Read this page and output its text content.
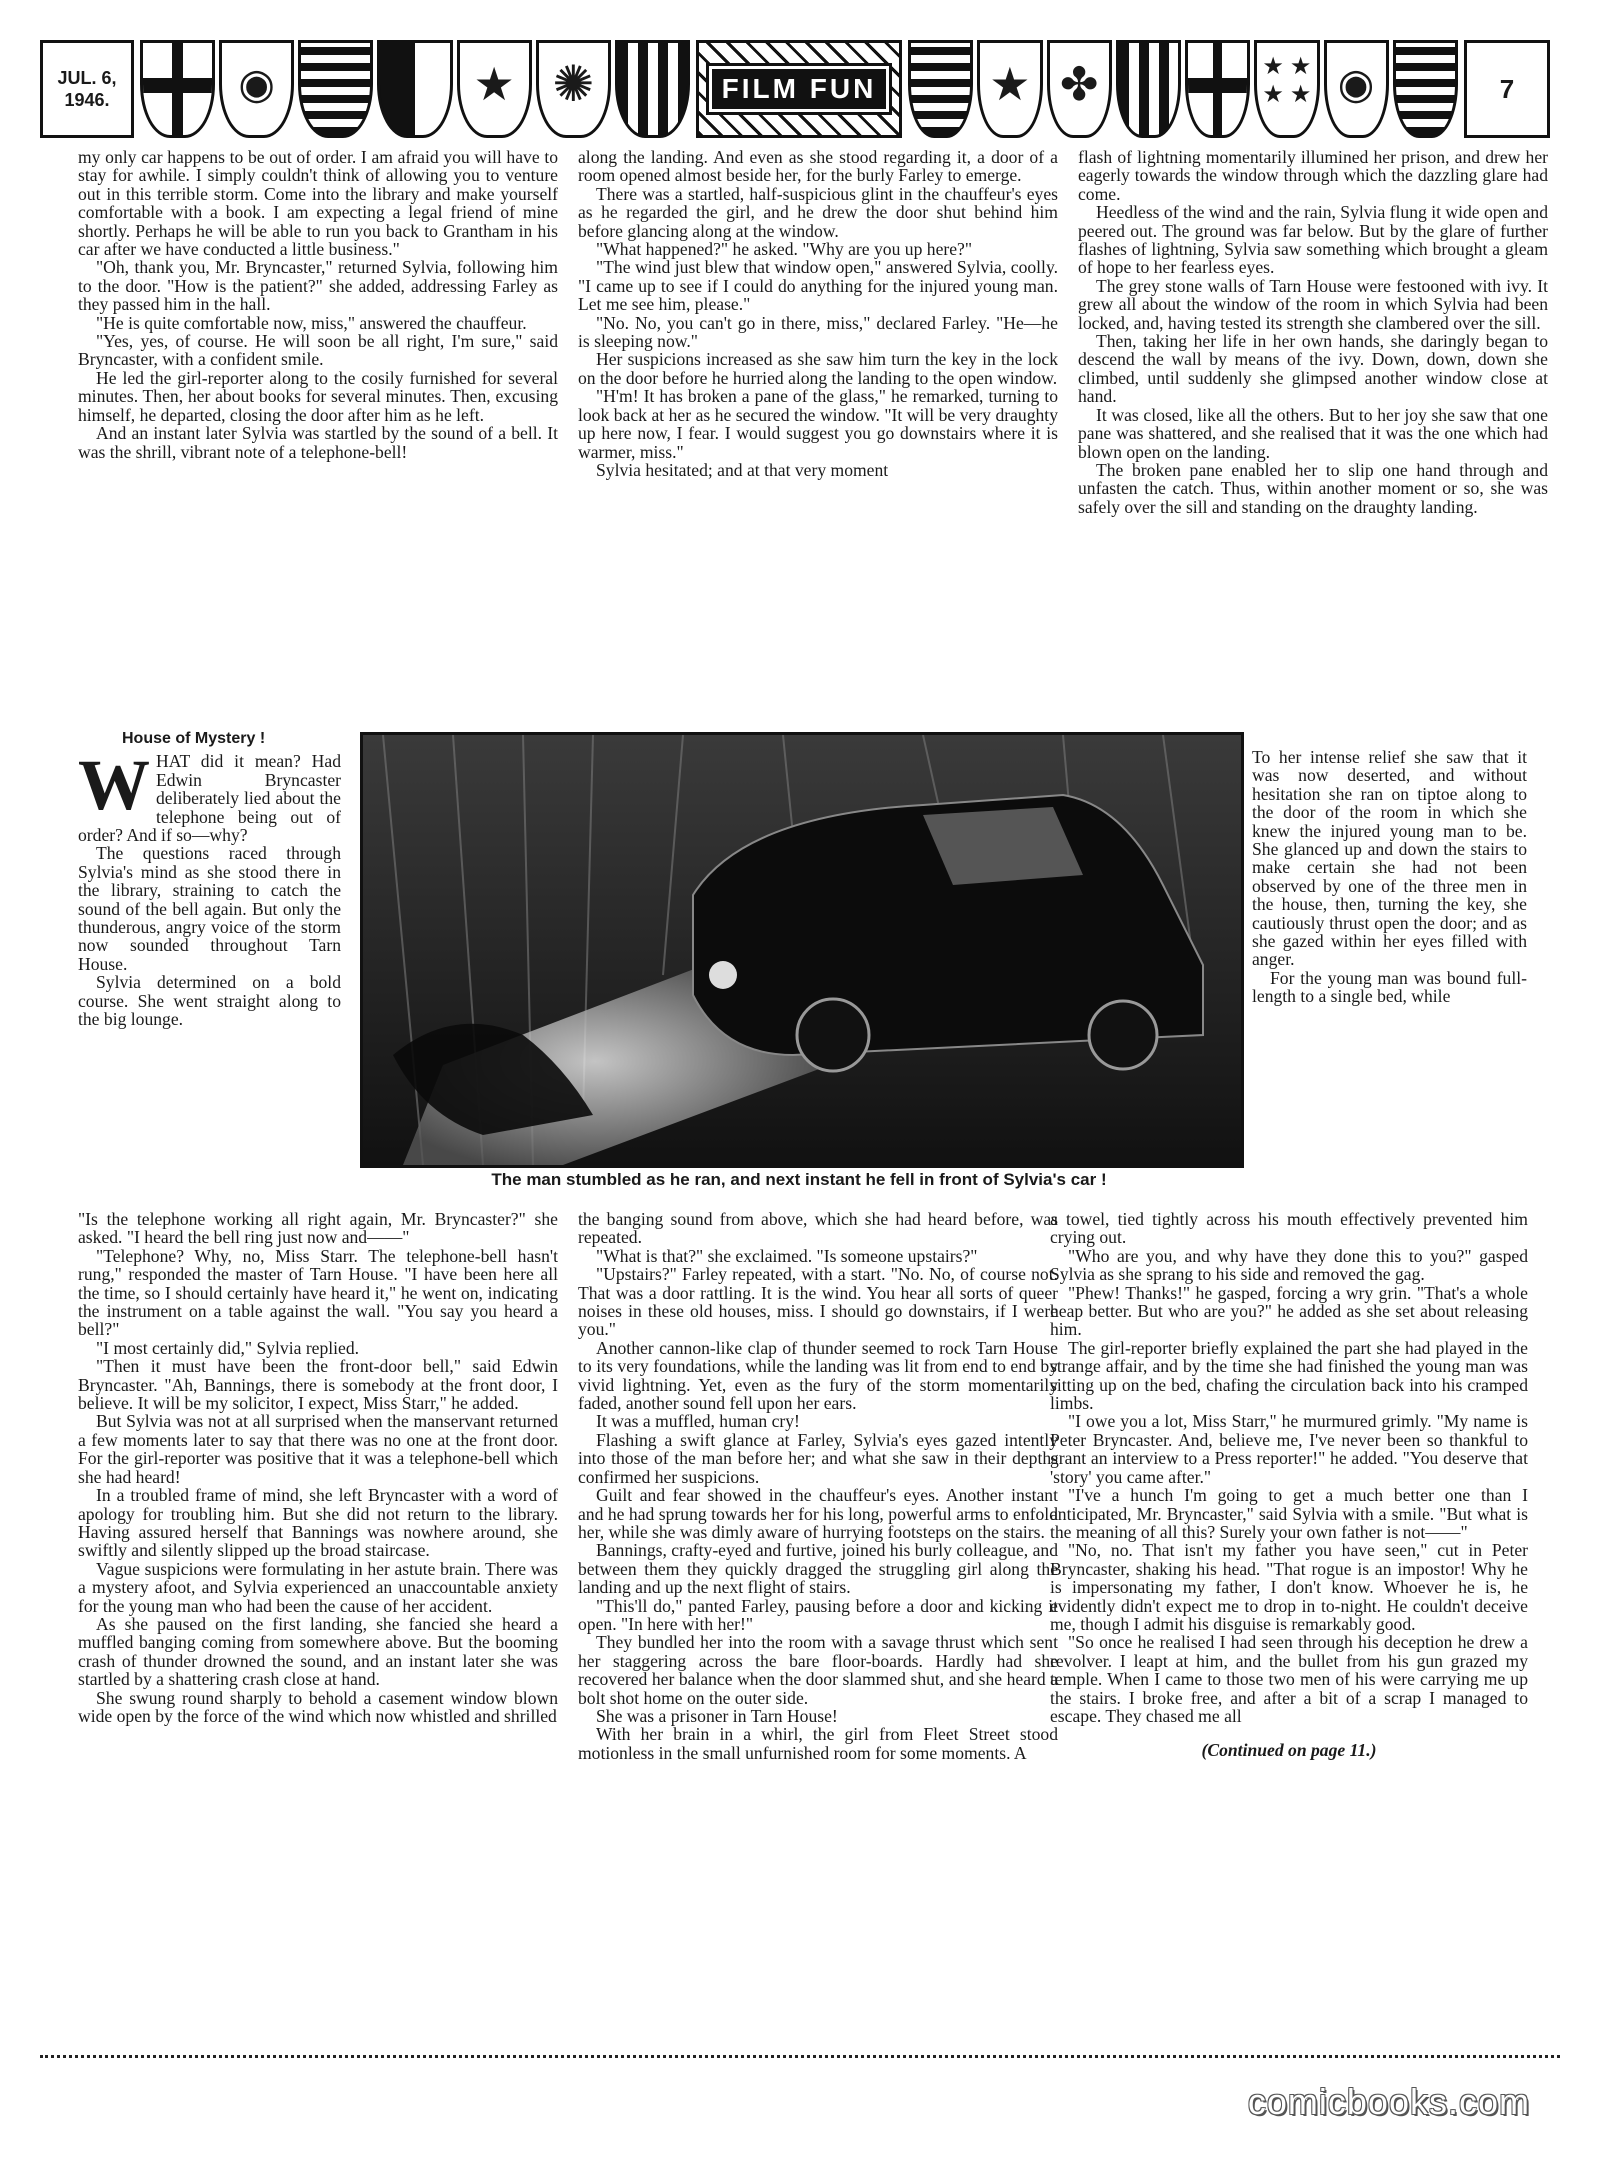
JUL. 6,
1946. ◉ ★ ✺	FILM FUN ★ ✤ ★ ★ ★ ★ ◉	7

my only car happens to be out of order. I am afraid you will have to stay for awhile. I simply couldn't think of allowing you to venture out in this terrible storm. Come into the library and make yourself comfortable with a book. I am expecting a legal friend of mine shortly. Perhaps he will be able to run you back to Grantham in his car after we have conducted a little business."

"Oh, thank you, Mr. Bryncaster," returned Sylvia, following him to the door. "How is the patient?" she added, addressing Farley as they passed him in the hall.

"He is quite comfortable now, miss," answered the chauffeur.

"Yes, yes, of course. He will soon be all right, I'm sure," said Bryncaster, with a confident smile.

He led the girl-reporter along to the cosily furnished for several minutes. Then, her about books for several minutes. Then, excusing himself, he departed, closing the door after him as he left.

And an instant later Sylvia was startled by the sound of a bell. It was the shrill, vibrant note of a telephone-bell!

along the landing. And even as she stood regarding it, a door of a room opened almost beside her, for the burly Farley to emerge.

There was a startled, half-suspicious glint in the chauffeur's eyes as he regarded the girl, and he drew the door shut behind him before glancing along at the window.

"What happened?" he asked. "Why are you up here?"

"The wind just blew that window open," answered Sylvia, coolly. "I came up to see if I could do anything for the injured young man. Let me see him, please."

"No. No, you can't go in there, miss," declared Farley. "He—he is sleeping now."

Her suspicions increased as she saw him turn the key in the lock on the door before he hurried along the landing to the open window.

"H'm! It has broken a pane of the glass," he remarked, turning to look back at her as he secured the window. "It will be very draughty up here now, I fear. I would suggest you go downstairs where it is warmer, miss."

Sylvia hesitated; and at that very moment

flash of lightning momentarily illumined her prison, and drew her eagerly towards the window through which the dazzling glare had come.

Heedless of the wind and the rain, Sylvia flung it wide open and peered out. The ground was far below. But by the glare of further flashes of lightning, Sylvia saw something which brought a gleam of hope to her fearless eyes.

The grey stone walls of Tarn House were festooned with ivy. It grew all about the window of the room in which Sylvia had been locked, and, having tested its strength she clambered over the sill.

Then, taking her life in her own hands, she daringly began to descend the wall by means of the ivy. Down, down, down she climbed, until suddenly she glimpsed another window close at hand.

It was closed, like all the others. But to her joy she saw that one pane was shattered, and she realised that it was the one which had blown open on the landing.

The broken pane enabled her to slip one hand through and unfasten the catch. Thus, within another moment or so, she was safely over the sill and standing on the draughty landing.

House of Mystery !
W HAT did it mean? Had Edwin Bryncaster deliberately lied about the telephone being out of order? And if so—why?

The questions raced through Sylvia's mind as she stood there in the library, straining to catch the sound of the bell again. But only the thunderous, angry voice of the storm now sounded throughout Tarn House.

Sylvia determined on a bold course. She went straight along to the big lounge.

The man stumbled as he ran, and next instant he fell in front of Sylvia's car !

To her intense relief she saw that it was now deserted, and without hesitation she ran on tiptoe along to the door of the room in which she knew the injured young man to be. She glanced up and down the stairs to make certain she had not been observed by one of the three men in the house, then, turning the key, she cautiously thrust open the door; and as she gazed within her eyes filled with anger.

For the young man was bound full-length to a single bed, while

"Is the telephone working all right again, Mr. Bryncaster?" she asked. "I heard the bell ring just now and——"

"Telephone? Why, no, Miss Starr. The telephone-bell hasn't rung," responded the master of Tarn House. "I have been here all the time, so I should certainly have heard it," he went on, indicating the instrument on a table against the wall. "You say you heard a bell?"

"I most certainly did," Sylvia replied.

"Then it must have been the front-door bell," said Edwin Bryncaster. "Ah, Bannings, there is somebody at the front door, I believe. It will be my solicitor, I expect, Miss Starr," he added.

But Sylvia was not at all surprised when the manservant returned a few moments later to say that there was no one at the front door. For the girl-reporter was positive that it was a telephone-bell which she had heard!

In a troubled frame of mind, she left Bryncaster with a word of apology for troubling him. But she did not return to the library. Having assured herself that Bannings was nowhere around, she swiftly and silently slipped up the broad staircase.

Vague suspicions were formulating in her astute brain. There was a mystery afoot, and Sylvia experienced an unaccountable anxiety for the young man who had been the cause of her accident.

As she paused on the first landing, she fancied she heard a muffled banging coming from somewhere above. But the booming crash of thunder drowned the sound, and an instant later she was startled by a shattering crash close at hand.

She swung round sharply to behold a casement window blown wide open by the force of the wind which now whistled and shrilled

the banging sound from above, which she had heard before, was repeated.

"What is that?" she exclaimed. "Is someone upstairs?"

"Upstairs?" Farley repeated, with a start. "No. No, of course not. That was a door rattling. It is the wind. You hear all sorts of queer noises in these old houses, miss. I should go downstairs, if I were you."

Another cannon-like clap of thunder seemed to rock Tarn House to its very foundations, while the landing was lit from end to end by vivid lightning. Yet, even as the fury of the storm momentarily faded, another sound fell upon her ears.

It was a muffled, human cry!

Flashing a swift glance at Farley, Sylvia's eyes gazed intently into those of the man before her; and what she saw in their depths confirmed her suspicions.

Guilt and fear showed in the chauffeur's eyes. Another instant and he had sprung towards her for his long, powerful arms to enfold her, while she was dimly aware of hurrying footsteps on the stairs.

Bannings, crafty-eyed and furtive, joined his burly colleague, and between them they quickly dragged the struggling girl along the landing and up the next flight of stairs.

"This'll do," panted Farley, pausing before a door and kicking it open. "In here with her!"

They bundled her into the room with a savage thrust which sent her staggering across the bare floor-boards. Hardly had she recovered her balance when the door slammed shut, and she heard a bolt shot home on the outer side.

She was a prisoner in Tarn House!

With her brain in a whirl, the girl from Fleet Street stood motionless in the small unfurnished room for some moments. A

a towel, tied tightly across his mouth effectively prevented him crying out.

"Who are you, and why have they done this to you?" gasped Sylvia as she sprang to his side and removed the gag.

"Phew! Thanks!" he gasped, forcing a wry grin. "That's a whole heap better. But who are you?" he added as she set about releasing him.

The girl-reporter briefly explained the part she had played in the strange affair, and by the time she had finished the young man was sitting up on the bed, chafing the circulation back into his cramped limbs.

"I owe you a lot, Miss Starr," he murmured grimly. "My name is Peter Bryncaster. And, believe me, I've never been so thankful to grant an interview to a Press reporter!" he added. "You deserve that 'story' you came after."

"I've a hunch I'm going to get a much better one than I anticipated, Mr. Bryncaster," said Sylvia with a smile. "But what is the meaning of all this? Surely your own father is not——"

"No, no. That isn't my father you have seen," cut in Peter Bryncaster, shaking his head. "That rogue is an impostor! Why he is impersonating my father, I don't know. Whoever he is, he evidently didn't expect me to drop in to-night. He couldn't deceive me, though I admit his disguise is remarkably good.

"So once he realised I had seen through his deception he drew a revolver. I leapt at him, and the bullet from his gun grazed my temple. When I came to those two men of his were carrying me up the stairs. I broke free, and after a bit of a scrap I managed to escape. They chased me all

(Continued on page 11.)
comicbooks.com
